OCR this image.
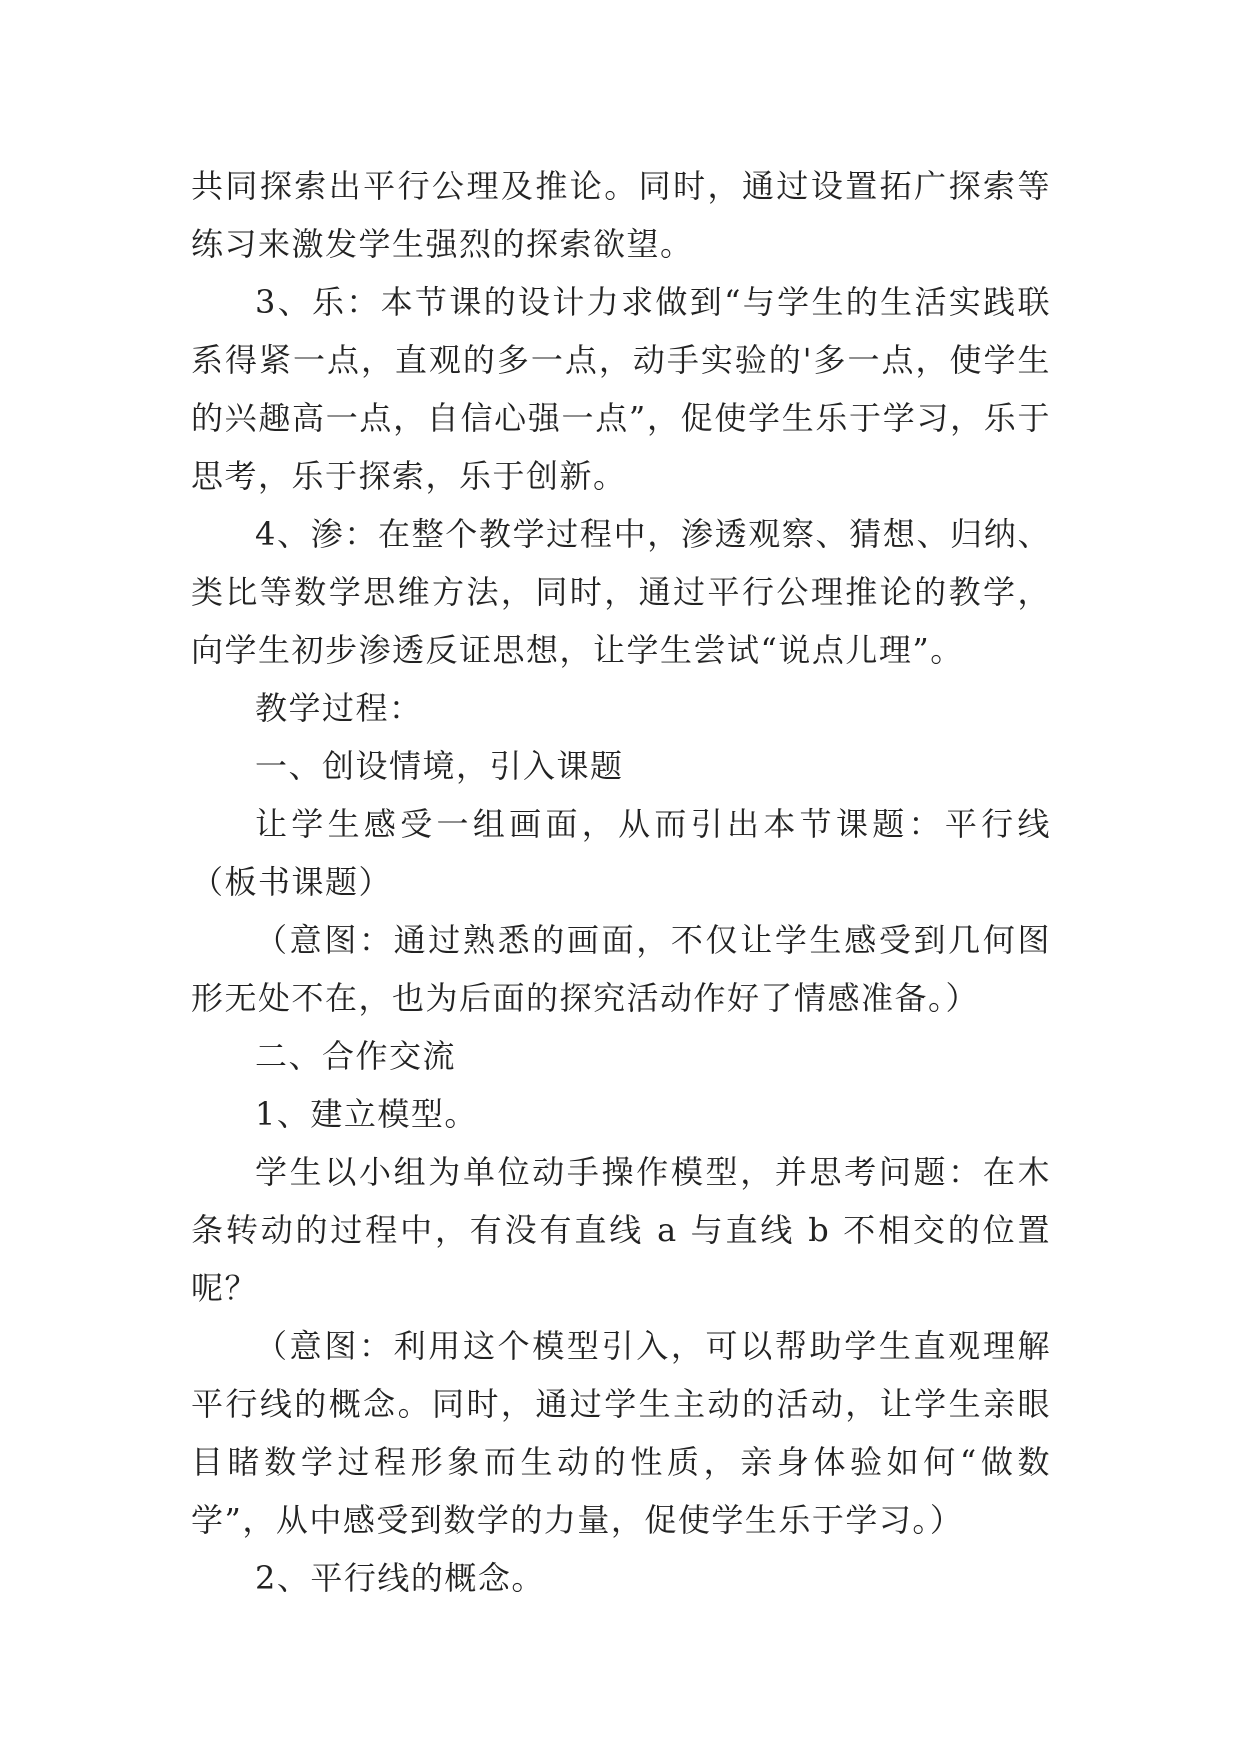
共同探索出平行公理及推论。同时，通过设置拓广探索等练习来激发学生强烈的探索欲望。

3、乐：本节课的设计力求做到“与学生的生活实践联系得紧一点，直观的多一点，动手实验的'多一点，使学生的兴趣高一点，自信心强一点”，促使学生乐于学习，乐于思考，乐于探索，乐于创新。

4、渗：在整个教学过程中，渗透观察、猜想、归纳、类比等数学思维方法，同时，通过平行公理推论的教学，向学生初步渗透反证思想，让学生尝试“说点儿理”。

教学过程：

一、创设情境，引入课题

让学生感受一组画面，从而引出本节课题：平行线（板书课题）

（意图：通过熟悉的画面，不仅让学生感受到几何图形无处不在，也为后面的探究活动作好了情感准备。）

二、合作交流

1、建立模型。

学生以小组为单位动手操作模型，并思考问题：在木条转动的过程中，有没有直线 a 与直线 b 不相交的位置呢？

（意图：利用这个模型引入，可以帮助学生直观理解平行线的概念。同时，通过学生主动的活动，让学生亲眼目睹数学过程形象而生动的性质，亲身体验如何“做数学”，从中感受到数学的力量，促使学生乐于学习。）

2、平行线的概念。
